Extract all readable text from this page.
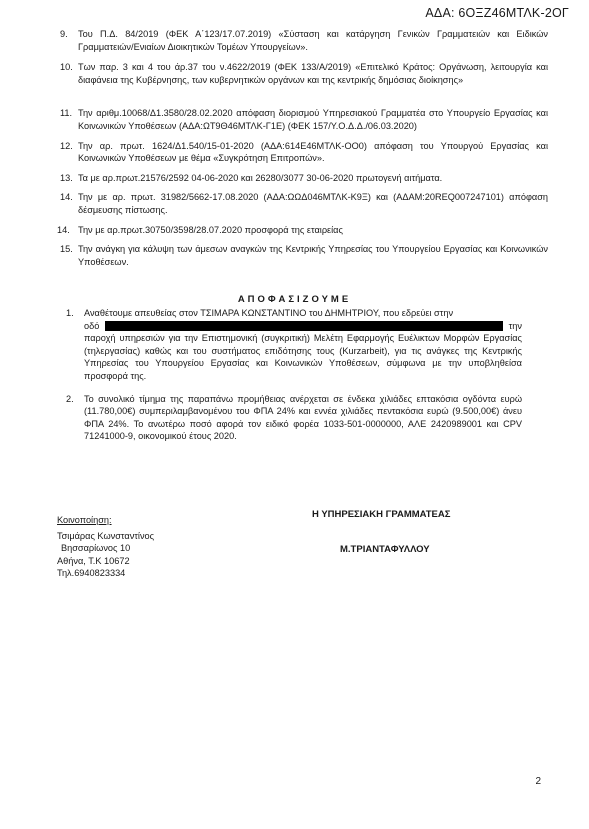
ΑΔΑ: 6ΟΞΖ46ΜΤΛΚ-2ΟΓ
9.	Του Π.Δ. 84/2019 (ΦΕΚ Α΄123/17.07.2019) «Σύσταση και κατάργηση Γενικών Γραμματειών και Ειδικών Γραμματειών/Ενιαίων Διοικητικών Τομέων Υπουργείων».
10. Των παρ. 3 και 4 του άρ.37 του ν.4622/2019 (ΦΕΚ 133/Α/2019) «Επιτελικό Κράτος: Οργάνωση, λειτουργία και διαφάνεια της Κυβέρνησης, των κυβερνητικών οργάνων και της κεντρικής δημόσιας διοίκησης»
11. Την αριθμ.10068/Δ1.3580/28.02.2020 απόφαση διορισμού Υπηρεσιακού Γραμματέα στο Υπουργείο Εργασίας και Κοινωνικών Υποθέσεων (ΑΔΑ:ΩΤ9Θ46ΜΤΛΚ-Γ1Ε) (ΦΕΚ 157/Υ.Ο.Δ.Δ./06.03.2020)
12. Την αρ. πρωτ. 1624/Δ1.540/15-01-2020 (ΑΔΑ:614Ε46ΜΤΛΚ-ΟΟ0) απόφαση του Υπουργού Εργασίας και Κοινωνικών Υποθέσεων με θέμα «Συγκρότηση Επιτροπών».
13. Τα με αρ.πρωτ.21576/2592 04-06-2020 και 26280/3077 30-06-2020 πρωτογενή αιτήματα.
14. Την με αρ. πρωτ. 31982/5662-17.08.2020 (ΑΔΑ:ΩΩΔ046ΜΤΛΚ-Κ9Ξ) και (ΑΔΑΜ:20REQ007247101) απόφαση δέσμευσης πίστωσης.
14. Την με αρ.πρωτ.30750/3598/28.07.2020 προσφορά της εταιρείας
15. Την ανάγκη για κάλυψη των άμεσων αναγκών της Κεντρικής Υπηρεσίας του Υπουργείου Εργασίας και Κοινωνικών Υποθέσεων.
ΑΠΟΦΑΣΙΖΟΥΜΕ
1.	Αναθέτουμε απευθείας στον ΤΣΙΜΑΡΑ ΚΩΝΣΤΑΝΤΙΝΟ του ΔΗΜΗΤΡΙΟΥ, που εδρεύει στην
οδό	την
παροχή υπηρεσιών για την Επιστημονική (συγκριτική) Μελέτη Εφαρμογής Ευέλικτων Μορφών Εργασίας (τηλεργασίας) καθώς και του συστήματος επιδότησης τους (Kurzarbeit), για τις ανάγκες της Κεντρικής Υπηρεσίας του Υπουργείου Εργασίας και Κοινωνικών Υποθέσεων, σύμφωνα με την υποβληθείσα προσφορά της.
2.	Το συνολικό τίμημα της παραπάνω προμήθειας ανέρχεται σε ένδεκα χιλιάδες επτακόσια ογδόντα ευρώ (11.780,00€) συμπεριλαμβανομένου του ΦΠΑ 24% και εννέα χιλιάδες πεντακόσια ευρώ (9.500,00€) άνευ ΦΠΑ 24%. Το ανωτέρω ποσό αφορά τον ειδικό φορέα 1033-501-0000000, ΑΛΕ 2420989001 και CPV 71241000-9, οικονομικού έτους 2020.
Κοινοποίηση:	Η ΥΠΗΡΕΣΙΑΚΗ ΓΡΑΜΜΑΤΕΑΣ
Μ.ΤΡΙΑΝΤΑΦΥΛΛΟΥ
Τσιμάρας Κωνσταντίνος
Βησσαρίωνος 10
Αθήνα, Τ.Κ 10672
Τηλ.6940823334
2
